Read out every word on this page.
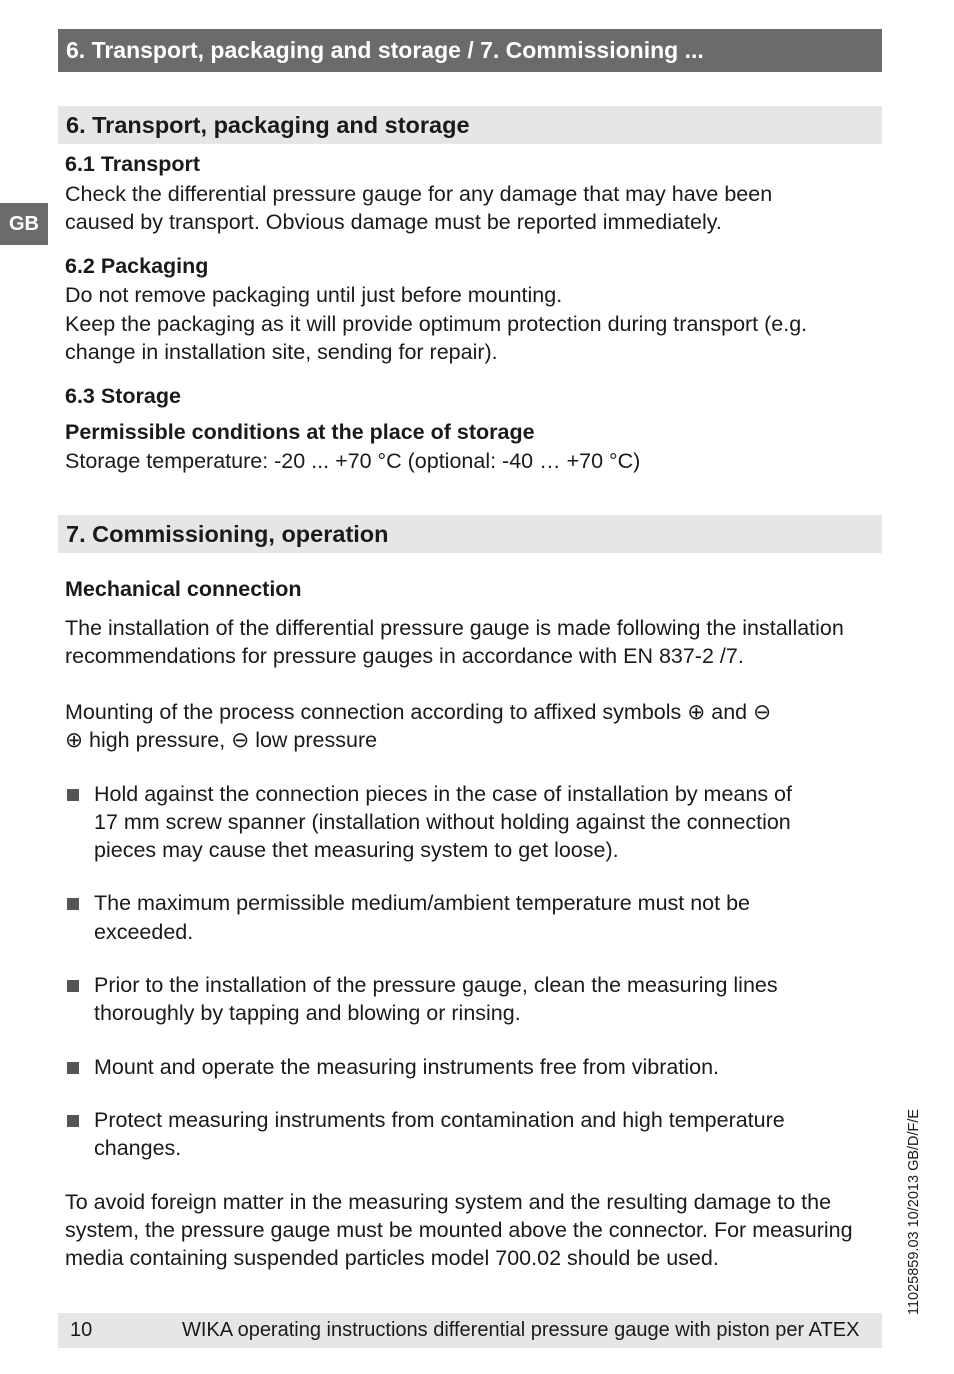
6. Transport, packaging and storage / 7. Commissioning ...
GB
6. Transport, packaging and storage
6.1 Transport
Check the differential pressure gauge for any damage that may have been
caused by transport. Obvious damage must be reported immediately.
6.2 Packaging
Do not remove packaging until just before mounting.
Keep the packaging as it will provide optimum protection during transport (e.g.
change in installation site, sending for repair).
6.3 Storage
Permissible conditions at the place of storage
Storage temperature: -20 ... +70 °C (optional: -40 … +70 °C)
7. Commissioning, operation
Mechanical connection
The installation of the differential pressure gauge is made following the installation
recommendations for pressure gauges in accordance with EN 837-2 /7.
Mounting of the process connection according to affixed symbols ⊕ and ⊖
⊕ high pressure, ⊖ low pressure
Hold against the connection pieces in the case of installation by means of
17 mm screw spanner (installation without holding against the connection
pieces may cause thet measuring system to get loose).
The maximum permissible medium/ambient temperature must not be
exceeded.
Prior to the installation of the pressure gauge, clean the measuring lines
thoroughly by tapping and blowing or rinsing.
Mount and operate the measuring instruments free from vibration.
Protect measuring instruments from contamination and high temperature
changes.
To avoid foreign matter in the measuring system and the resulting damage to the
system, the pressure gauge must be mounted above the connector. For measuring
media containing suspended particles model 700.02 should be used.	11025859.03 10/2013 GB/D/F/E
10	WIKA operating instructions differential pressure gauge with piston per ATEX
